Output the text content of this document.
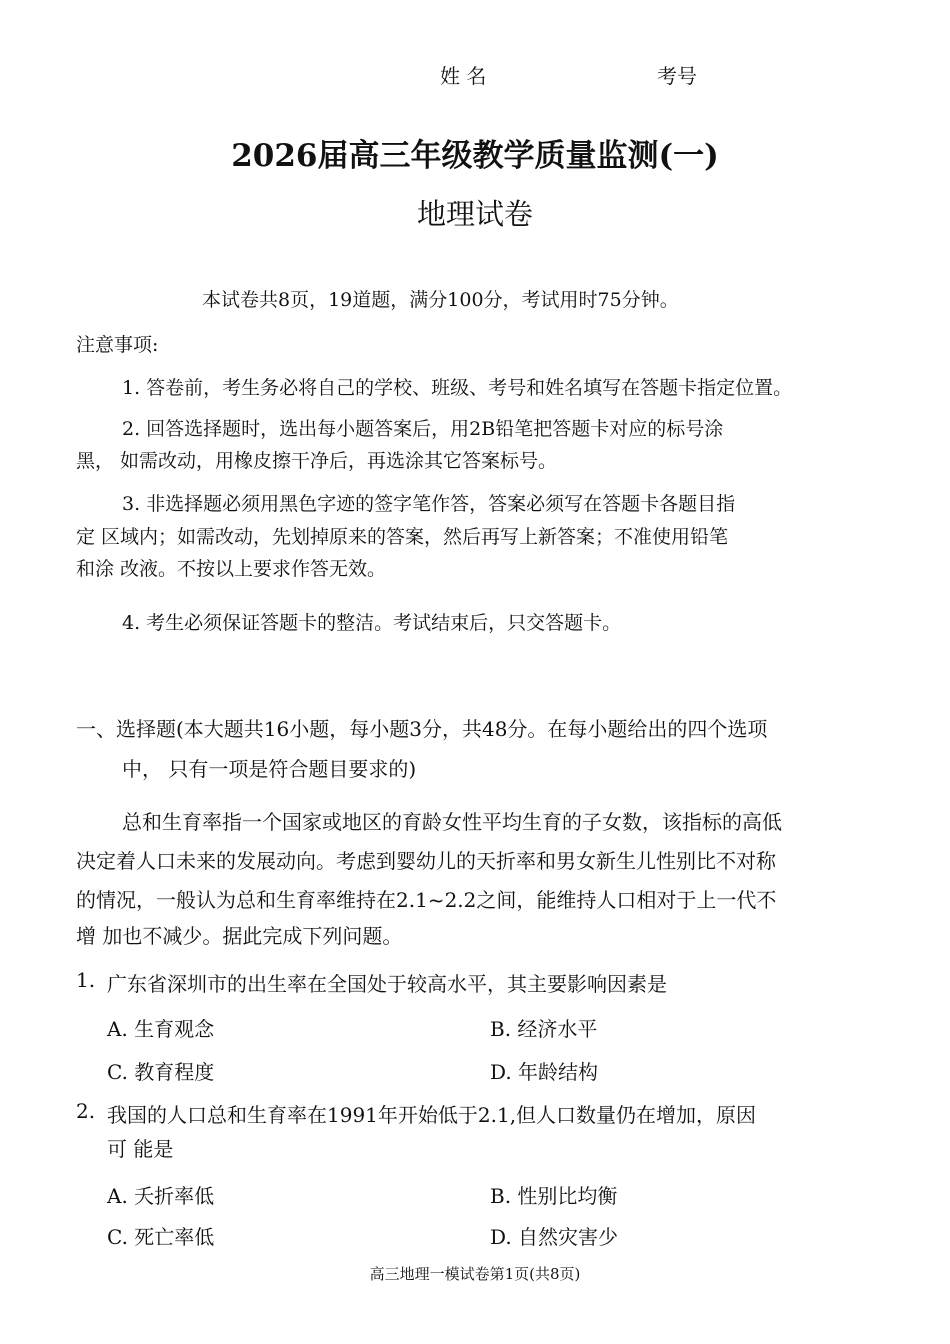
姓 名	考号
2026届高三年级教学质量监测(一)
地理试卷
本试卷共8页，19道题，满分100分，考试用时75分钟。
注意事项:
1. 答卷前，考生务必将自己的学校、班级、考号和姓名填写在答题卡指定位置。
2. 回答选择题时，选出每小题答案后，用2B铅笔把答题卡对应的标号涂
黑， 如需改动，用橡皮擦干净后，再选涂其它答案标号。
3. 非选择题必须用黑色字迹的签字笔作答，答案必须写在答题卡各题目指
定 区域内；如需改动，先划掉原来的答案，然后再写上新答案；不准使用铅笔
和涂 改液。不按以上要求作答无效。
4. 考生必须保证答题卡的整洁。考试结束后，只交答题卡。
一、选择题(本大题共16小题，每小题3分，共48分。在每小题给出的四个选项
中， 只有一项是符合题目要求的)
总和生育率指一个国家或地区的育龄女性平均生育的子女数，该指标的高低
决定着人口未来的发展动向。考虑到婴幼儿的天折率和男女新生儿性别比不对称
的情况，一般认为总和生育率维持在2.1~2.2之间，能维持人口相对于上一代不
增 加也不减少。据此完成下列问题。
1. 广东省深圳市的出生率在全国处于较高水平，其主要影响因素是
A. 生育观念	B. 经济水平
C. 教育程度	D. 年龄结构
2. 我国的人口总和生育率在1991年开始低于2.1,但人口数量仍在增加，原因
可 能是
A. 夭折率低	B. 性别比均衡
C. 死亡率低	D. 自然灾害少
高三地理一模试卷第1页(共8页)
